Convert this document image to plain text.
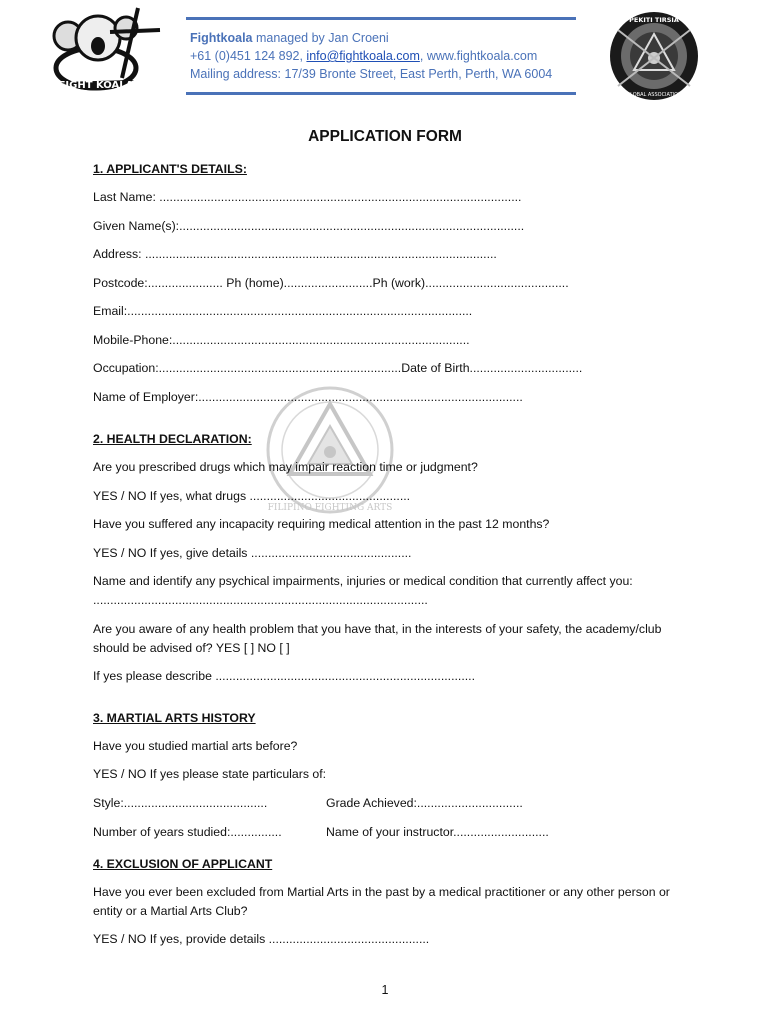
FIGHT KOALA
Fightkoala managed by Jan Croeni
+61 (0)451 124 892, info@fightkoala.com, www.fightkoala.com
Mailing address: 17/39 Bronte Street, East Perth, Perth, WA 6004
PEKITI TIRSIA
GLOBAL ASSOCIATION
FILIPINO FIGHTING ARTS
APPLICATION FORM
1. APPLICANT'S DETAILS:
Last Name: ..........................................................................................................
Given Name(s):.....................................................................................................
Address: .......................................................................................................
Postcode:...................... Ph (home)..........................Ph (work)..........................................
Email:.....................................................................................................
Mobile-Phone:.......................................................................................
Occupation:.......................................................................Date of Birth.................................
Name of Employer:...............................................................................................
2. HEALTH DECLARATION:
Are you prescribed drugs which may impair reaction time or judgment?
YES / NO If yes, what drugs ...............................................
Have you suffered any incapacity requiring medical attention in the past 12 months?
YES / NO If yes, give details ...............................................
Name and identify any psychical impairments, injuries or medical condition that currently affect you:
..................................................................................................
Are you aware of any health problem that you have that, in the interests of your safety, the academy/club should be advised of? YES [ ] NO [ ]
If yes please describe ............................................................................
3. MARTIAL ARTS HISTORY
Have you studied martial arts before?
YES / NO If yes please state particulars of:
Style:..........................................	Grade Achieved:...............................
Number of years studied:...............	Name of your instructor............................
4. EXCLUSION OF APPLICANT
Have you ever been excluded from Martial Arts in the past by a medical practitioner or any other person or entity or a Martial Arts Club?
YES / NO If yes, provide details ...............................................
1
